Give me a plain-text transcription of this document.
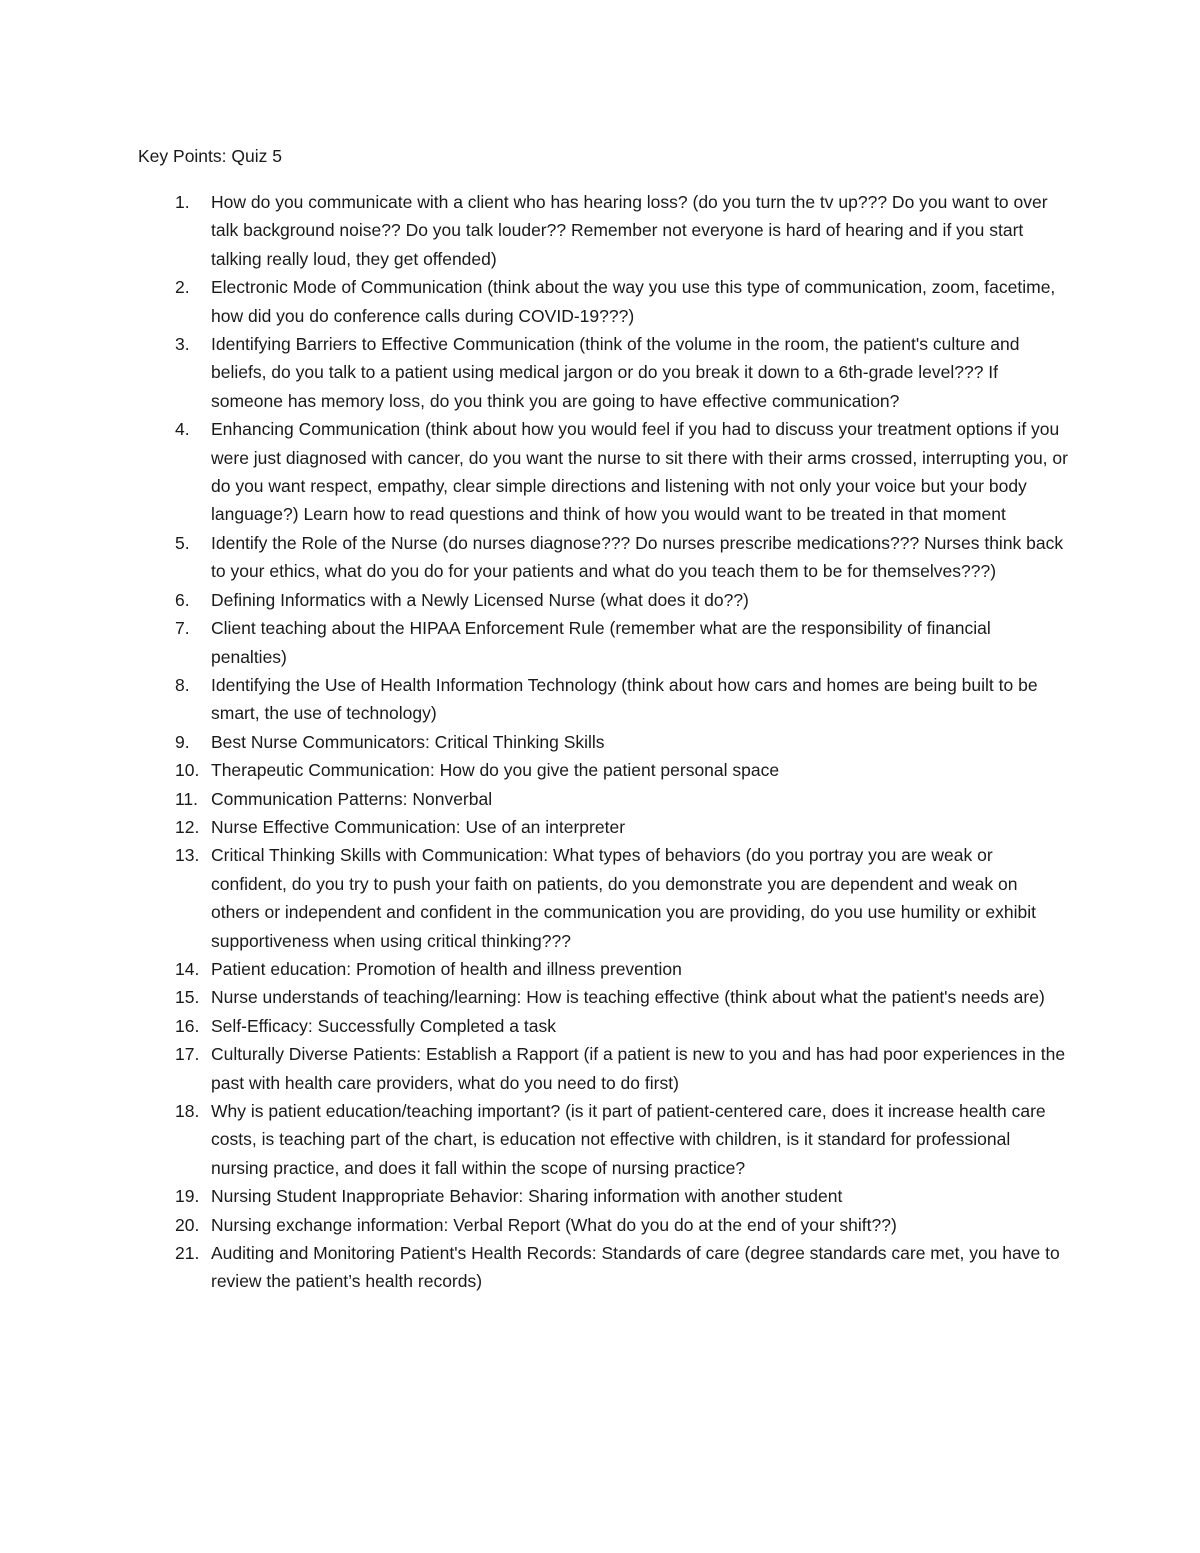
Key Points: Quiz 5
1.	How do you communicate with a client who has hearing loss? (do you turn the tv up??? Do you want to over talk background noise?? Do you talk louder?? Remember not everyone is hard of hearing and if you start talking really loud, they get offended)
2.	Electronic Mode of Communication (think about the way you use this type of communication, zoom, facetime, how did you do conference calls during COVID-19???)
3.	Identifying Barriers to Effective Communication (think of the volume in the room, the patient's culture and beliefs, do you talk to a patient using medical jargon or do you break it down to a 6th-grade level??? If someone has memory loss, do you think you are going to have effective communication?
4.	Enhancing Communication (think about how you would feel if you had to discuss your treatment options if you were just diagnosed with cancer, do you want the nurse to sit there with their arms crossed, interrupting you, or do you want respect, empathy, clear simple directions and listening with not only your voice but your body language?) Learn how to read questions and think of how you would want to be treated in that moment
5.	Identify the Role of the Nurse (do nurses diagnose??? Do nurses prescribe medications??? Nurses think back to your ethics, what do you do for your patients and what do you teach them to be for themselves???)
6.	Defining Informatics with a Newly Licensed Nurse (what does it do??)
7.	Client teaching about the HIPAA Enforcement Rule (remember what are the responsibility of financial penalties)
8.	Identifying the Use of Health Information Technology (think about how cars and homes are being built to be smart, the use of technology)
9.	Best Nurse Communicators: Critical Thinking Skills
10. Therapeutic Communication: How do you give the patient personal space
11. Communication Patterns: Nonverbal
12. Nurse Effective Communication: Use of an interpreter
13. Critical Thinking Skills with Communication: What types of behaviors (do you portray you are weak or confident, do you try to push your faith on patients, do you demonstrate you are dependent and weak on others or independent and confident in the communication you are providing, do you use humility or exhibit supportiveness when using critical thinking???
14. Patient education: Promotion of health and illness prevention
15. Nurse understands of teaching/learning: How is teaching effective (think about what the patient's needs are)
16. Self-Efficacy: Successfully Completed a task
17. Culturally Diverse Patients: Establish a Rapport (if a patient is new to you and has had poor experiences in the past with health care providers, what do you need to do first)
18. Why is patient education/teaching important? (is it part of patient-centered care, does it increase health care costs, is teaching part of the chart, is education not effective with children, is it standard for professional nursing practice, and does it fall within the scope of nursing practice?
19. Nursing Student Inappropriate Behavior: Sharing information with another student
20. Nursing exchange information: Verbal Report (What do you do at the end of your shift??)
21. Auditing and Monitoring Patient's Health Records: Standards of care (degree standards care met, you have to review the patient’s health records)
